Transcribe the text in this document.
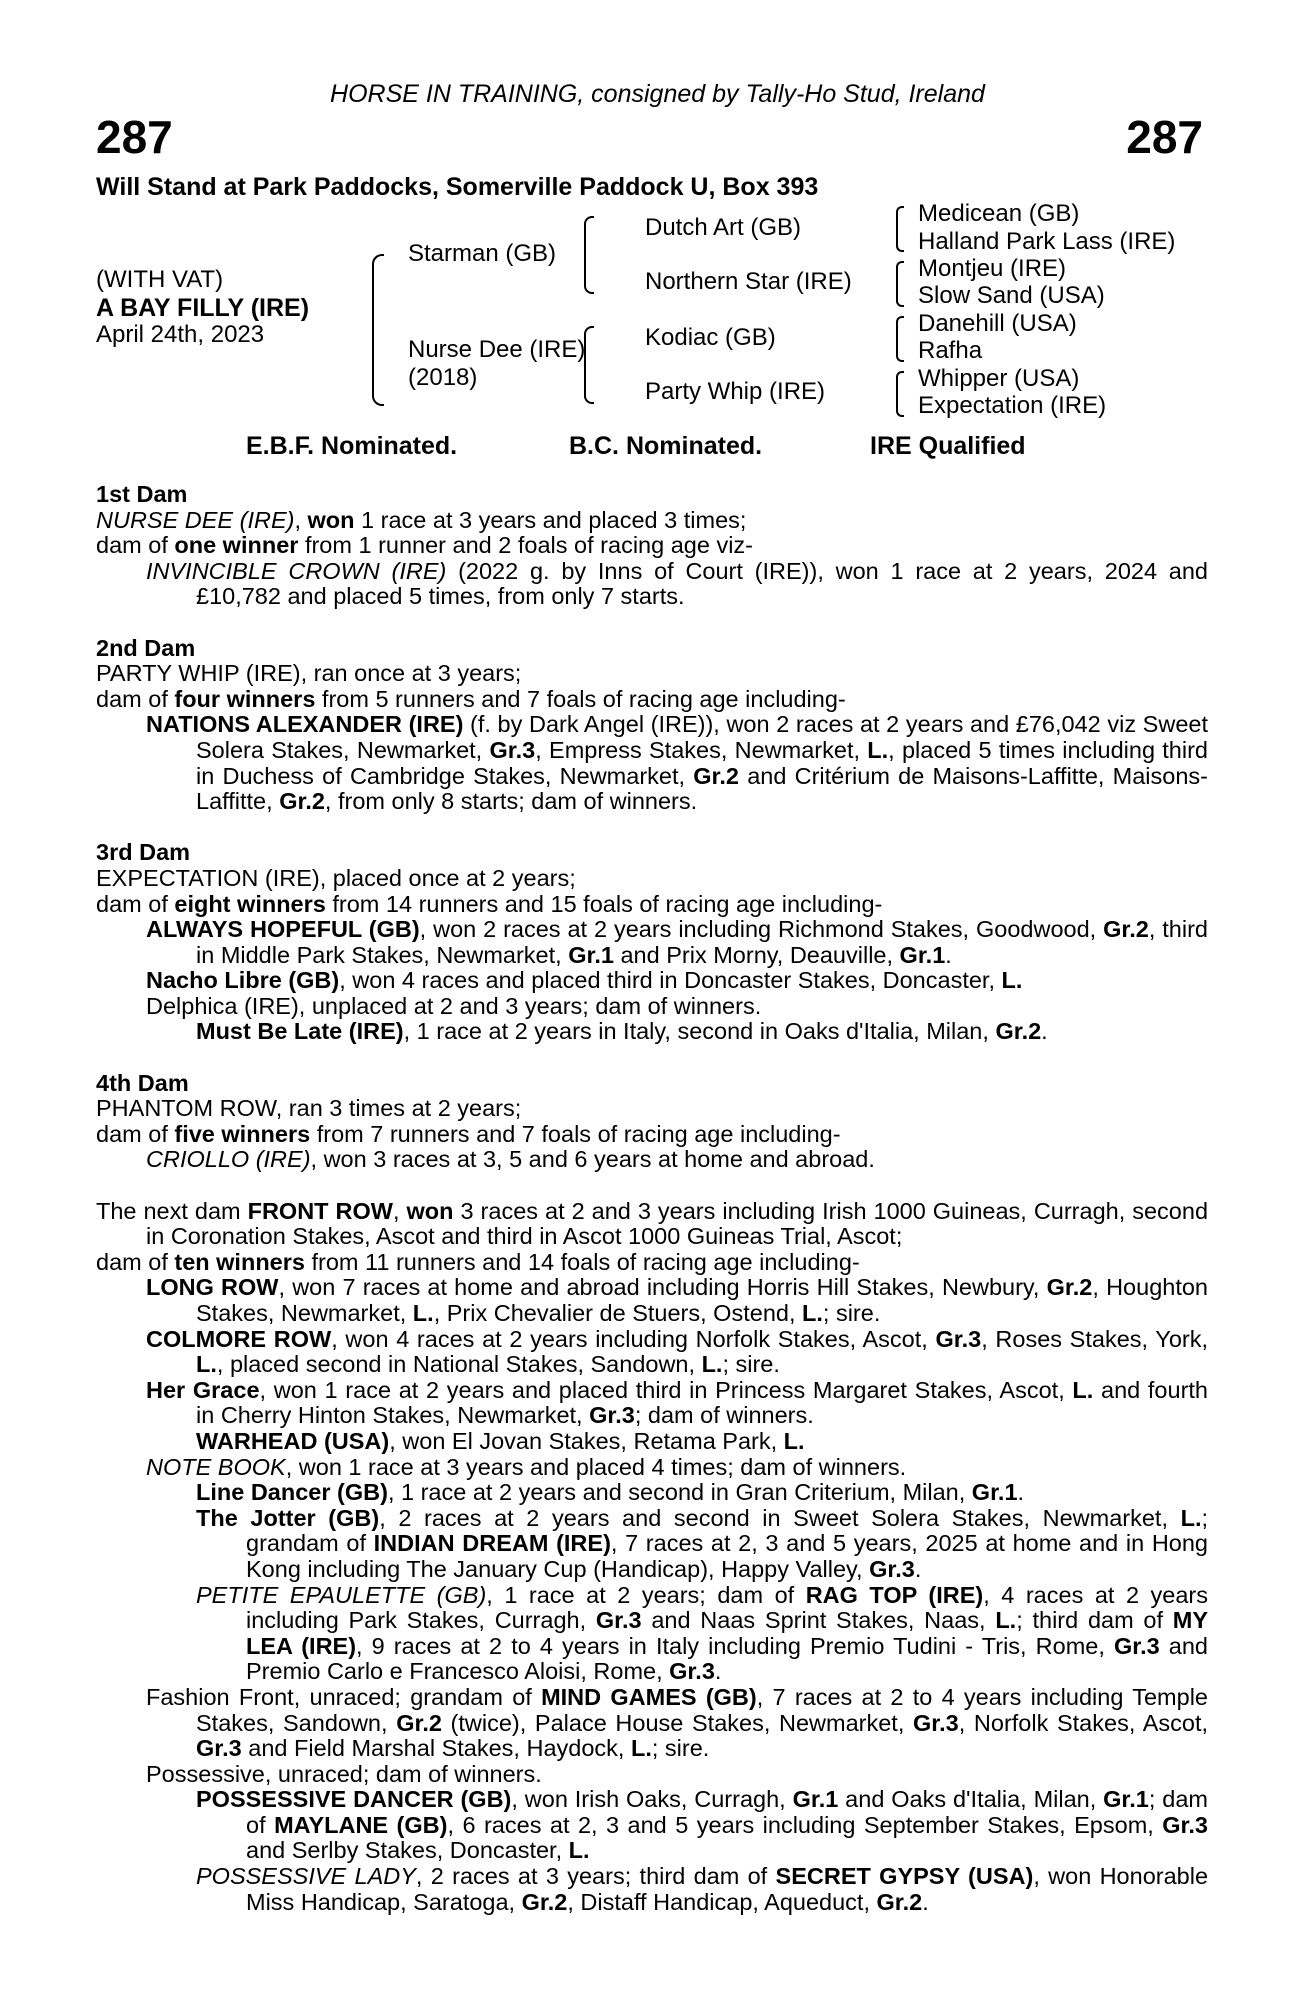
287	287
HORSE IN TRAINING, consigned by Tally-Ho Stud, Ireland
Will Stand at Park Paddocks, Somerville Paddock U, Box 393
(WITH VAT)
A BAY FILLY (IRE)
April 24th, 2023
Starman (GB)
Nurse Dee (IRE)
(2018)
Dutch Art (GB)
Northern Star (IRE)
Kodiac (GB)
Party Whip (IRE)
Medicean (GB)
Halland Park Lass (IRE)
Montjeu (IRE)
Slow Sand (USA)
Danehill (USA)
Rafha
Whipper (USA)
Expectation (IRE)
E.B.F. Nominated.	B.C. Nominated.	IRE Qualified

1st Dam

NURSE DEE (IRE), won 1 race at 3 years and placed 3 times;

dam of one winner from 1 runner and 2 foals of racing age viz-

INVINCIBLE CROWN (IRE) (2022 g. by Inns of Court (IRE)), won 1 race at 2 years, 2024 and £10,782 and placed 5 times, from only 7 starts.

2nd Dam

PARTY WHIP (IRE), ran once at 3 years;

dam of four winners from 5 runners and 7 foals of racing age including-

NATIONS ALEXANDER (IRE) (f. by Dark Angel (IRE)), won 2 races at 2 years and £76,042 viz Sweet Solera Stakes, Newmarket, Gr.3, Empress Stakes, Newmarket, L., placed 5 times including third in Duchess of Cambridge Stakes, Newmarket, Gr.2 and Critérium de Maisons-Laffitte, Maisons-Laffitte, Gr.2, from only 8 starts; dam of winners.

3rd Dam

EXPECTATION (IRE), placed once at 2 years;

dam of eight winners from 14 runners and 15 foals of racing age including-

ALWAYS HOPEFUL (GB), won 2 races at 2 years including Richmond Stakes, Goodwood, Gr.2, third in Middle Park Stakes, Newmarket, Gr.1 and Prix Morny, Deauville, Gr.1.

Nacho Libre (GB), won 4 races and placed third in Doncaster Stakes, Doncaster, L.

Delphica (IRE), unplaced at 2 and 3 years; dam of winners.

Must Be Late (IRE), 1 race at 2 years in Italy, second in Oaks d'Italia, Milan, Gr.2.

4th Dam

PHANTOM ROW, ran 3 times at 2 years;

dam of five winners from 7 runners and 7 foals of racing age including-

CRIOLLO (IRE), won 3 races at 3, 5 and 6 years at home and abroad.

The next dam FRONT ROW, won 3 races at 2 and 3 years including Irish 1000 Guineas, Curragh, second in Coronation Stakes, Ascot and third in Ascot 1000 Guineas Trial, Ascot;

dam of ten winners from 11 runners and 14 foals of racing age including-

LONG ROW, won 7 races at home and abroad including Horris Hill Stakes, Newbury, Gr.2, Houghton Stakes, Newmarket, L., Prix Chevalier de Stuers, Ostend, L.; sire.

COLMORE ROW, won 4 races at 2 years including Norfolk Stakes, Ascot, Gr.3, Roses Stakes, York, L., placed second in National Stakes, Sandown, L.; sire.

Her Grace, won 1 race at 2 years and placed third in Princess Margaret Stakes, Ascot, L. and fourth in Cherry Hinton Stakes, Newmarket, Gr.3; dam of winners.

WARHEAD (USA), won El Jovan Stakes, Retama Park, L.

NOTE BOOK, won 1 race at 3 years and placed 4 times; dam of winners.

Line Dancer (GB), 1 race at 2 years and second in Gran Criterium, Milan, Gr.1.

The Jotter (GB), 2 races at 2 years and second in Sweet Solera Stakes, Newmarket, L.; grandam of INDIAN DREAM (IRE), 7 races at 2, 3 and 5 years, 2025 at home and in Hong Kong including The January Cup (Handicap), Happy Valley, Gr.3.

PETITE EPAULETTE (GB), 1 race at 2 years; dam of RAG TOP (IRE), 4 races at 2 years including Park Stakes, Curragh, Gr.3 and Naas Sprint Stakes, Naas, L.; third dam of MY LEA (IRE), 9 races at 2 to 4 years in Italy including Premio Tudini - Tris, Rome, Gr.3 and Premio Carlo e Francesco Aloisi, Rome, Gr.3.

Fashion Front, unraced; grandam of MIND GAMES (GB), 7 races at 2 to 4 years including Temple Stakes, Sandown, Gr.2 (twice), Palace House Stakes, Newmarket, Gr.3, Norfolk Stakes, Ascot, Gr.3 and Field Marshal Stakes, Haydock, L.; sire.

Possessive, unraced; dam of winners.

POSSESSIVE DANCER (GB), won Irish Oaks, Curragh, Gr.1 and Oaks d'Italia, Milan, Gr.1; dam of MAYLANE (GB), 6 races at 2, 3 and 5 years including September Stakes, Epsom, Gr.3 and Serlby Stakes, Doncaster, L.

POSSESSIVE LADY, 2 races at 3 years; third dam of SECRET GYPSY (USA), won Honorable Miss Handicap, Saratoga, Gr.2, Distaff Handicap, Aqueduct, Gr.2.
